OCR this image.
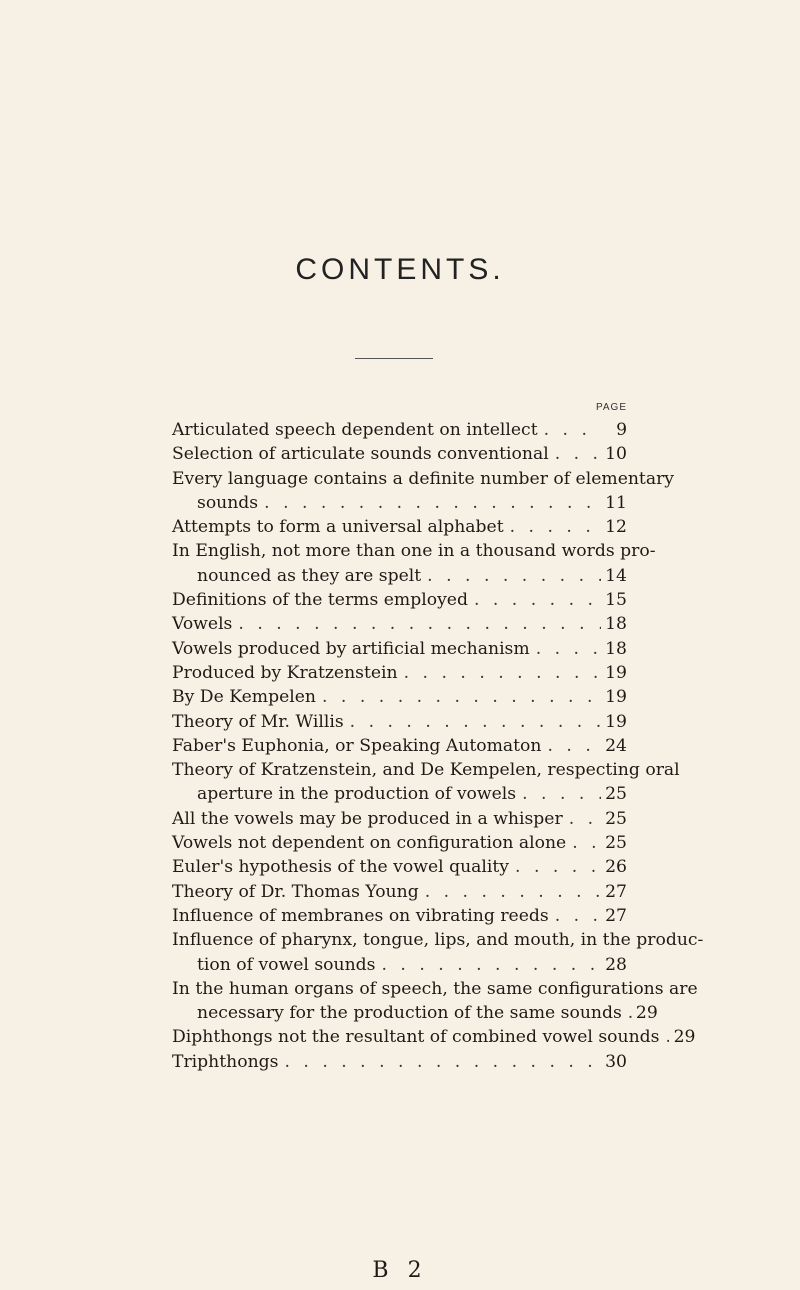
CONTENTS.
PAGE
Articulated speech dependent on intellect . . .	9
Selection of articulate sounds conventional . . .	10
Every language contains a definite number of elementary
sounds . . .	11
Attempts to form a universal alphabet . . .	12
In English, not more than one in a thousand words pro-
nounced as they are spelt . . .	14
Definitions of the terms employed . . .	15
Vowels . . .	18
Vowels produced by artificial mechanism . . .	18
Produced by Kratzenstein . . .	19
By De Kempelen . . .	19
Theory of Mr. Willis . . .	19
Faber's Euphonia, or Speaking Automaton . . .	24
Theory of Kratzenstein, and De Kempelen, respecting oral
aperture in the production of vowels . . .	25
All the vowels may be produced in a whisper . . . 25
Vowels not dependent on configuration alone . . . 25
Euler's hypothesis of the vowel quality . . .	26
Theory of Dr. Thomas Young . . .	27
Influence of membranes on vibrating reeds . . .	27
Influence of pharynx, tongue, lips, and mouth, in the produc-
tion of vowel sounds . . .	28
In the human organs of speech, the same configurations are
necessary for the production of the same sounds . . . 29
Diphthongs not the resultant of combined vowel sounds . . . 29
Triphthongs . . .	30
B 2
